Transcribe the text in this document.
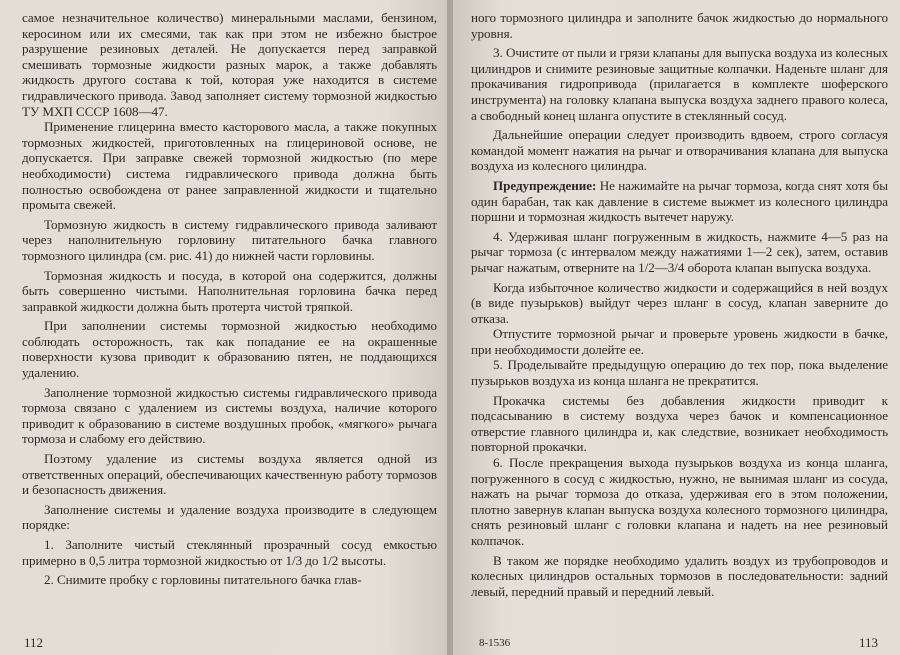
самое незначительное количество) минеральными маслами, бензином, керосином или их смесями, так как при этом не избежно быстрое разрушение резиновых деталей. Не допускается перед заправкой смешивать тормозные жидкости разных марок, а также добавлять жидкость другого состава к той, которая уже находится в системе гидравлического привода. Завод заполняет систему тормозной жидкостью ТУ МХП СССР 1608—47.

Применение глицерина вместо касторового масла, а также покупных тормозных жидкостей, приготовленных на глицериновой основе, не допускается. При заправке свежей тормозной жидкостью (по мере необходимости) система гидравлического привода должна быть полностью освобождена от ранее заправленной жидкости и тщательно промыта свежей.

Тормозную жидкость в систему гидравлического привода заливают через наполнительную горловину питательного бачка главного тормозного цилиндра (см. рис. 41) до нижней части горловины.

Тормозная жидкость и посуда, в которой она содержится, должны быть совершенно чистыми. Наполнительная горловина бачка перед заправкой жидкости должна быть протерта чистой тряпкой.

При заполнении системы тормозной жидкостью необходимо соблюдать осторожность, так как попадание ее на окрашенные поверхности кузова приводит к образованию пятен, не поддающихся удалению.

Заполнение тормозной жидкостью системы гидравлического привода тормоза связано с удалением из системы воздуха, наличие которого приводит к образованию в системе воздушных пробок, «мягкого» рычага тормоза и слабому его действию.

Поэтому удаление из системы воздуха является одной из ответственных операций, обеспечивающих качественную работу тормозов и безопасность движения.

Заполнение системы и удаление воздуха производите в следующем порядке:

1. Заполните чистый стеклянный прозрачный сосуд емкостью примерно в 0,5 литра тормозной жидкостью от 1/3 до 1/2 высоты.

2. Снимите пробку с горловины питательного бачка глав-

112

ного тормозного цилиндра и заполните бачок жидкостью до нормального уровня.

3. Очистите от пыли и грязи клапаны для выпуска воздуха из колесных цилиндров и снимите резиновые защитные колпачки. Наденьте шланг для прокачивания гидропривода (прилагается в комплекте шоферского инструмента) на головку клапана выпуска воздуха заднего правого колеса, а свободный конец шланга опустите в стеклянный сосуд.

Дальнейшие операции следует производить вдвоем, строго согласуя командой момент нажатия на рычаг и отворачивания клапана для выпуска воздуха из колесного цилиндра.

Предупреждение: Не нажимайте на рычаг тормоза, когда снят хотя бы один барабан, так как давление в системе выжмет из колесного цилиндра поршни и тормозная жидкость вытечет наружу.

4. Удерживая шланг погруженным в жидкость, нажмите 4—5 раз на рычаг тормоза (с интервалом между нажатиями 1—2 сек), затем, оставив рычаг нажатым, отверните на 1/2—3/4 оборота клапан выпуска воздуха.

Когда избыточное количество жидкости и содержащийся в ней воздух (в виде пузырьков) выйдут через шланг в сосуд, клапан заверните до отказа.

Отпустите тормозной рычаг и проверьте уровень жидкости в бачке, при необходимости долейте ее.

5. Проделывайте предыдущую операцию до тех пор, пока выделение пузырьков воздуха из конца шланга не прекратится.

Прокачка системы без добавления жидкости приводит к подсасыванию в систему воздуха через бачок и компенсационное отверстие главного цилиндра и, как следствие, возникает необходимость повторной прокачки.

6. После прекращения выхода пузырьков воздуха из конца шланга, погруженного в сосуд с жидкостью, нужно, не вынимая шланг из сосуда, нажать на рычаг тормоза до отказа, удерживая его в этом положении, плотно завернув клапан выпуска воздуха колесного тормозного цилиндра, снять резиновый шланг с головки клапана и надеть на нее резиновый колпачок.

В таком же порядке необходимо удалить воздух из трубопроводов и колесных цилиндров остальных тормозов в последовательности: задний левый, передний правый и передний левый.

8-1536	113
